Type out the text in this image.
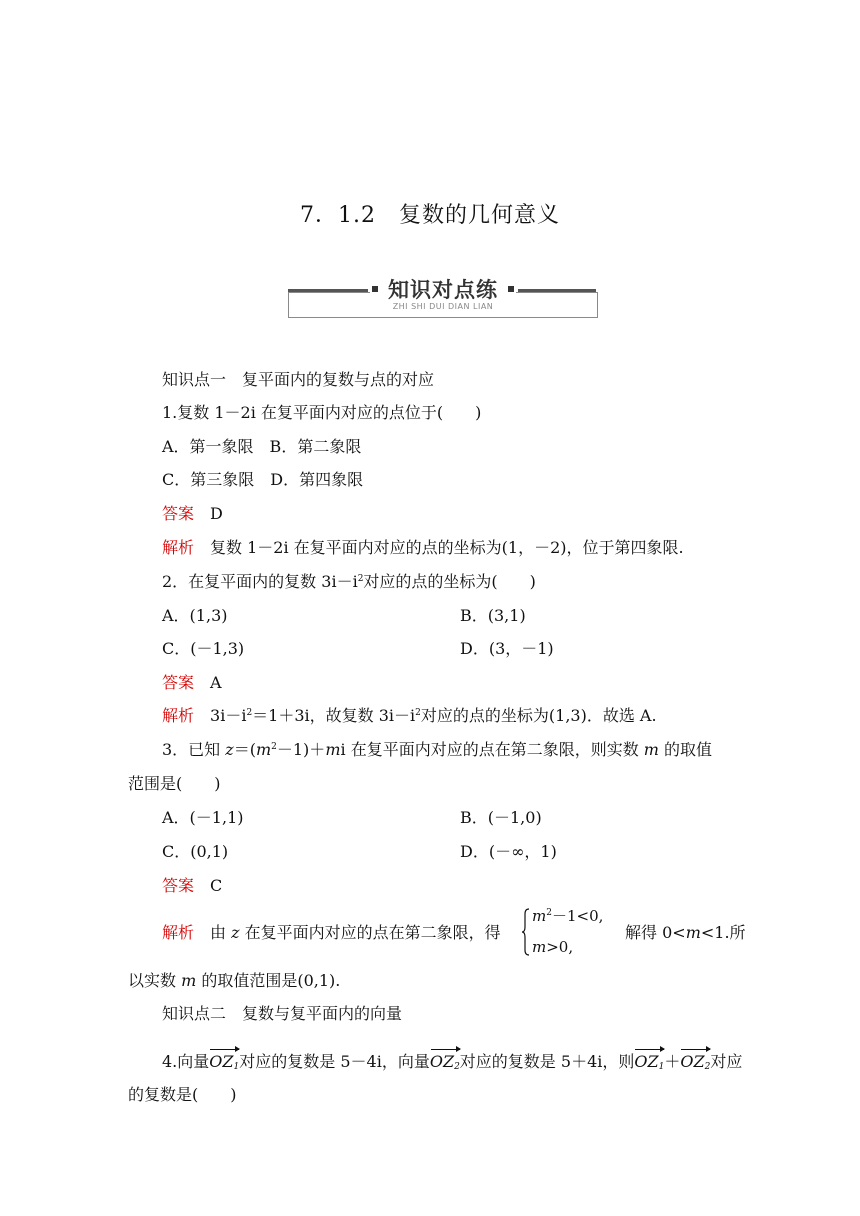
7．1.2　复数的几何意义
知识对点练
ZHI SHI DUI DIAN LIAN
知识点一　复平面内的复数与点的对应
1.复数 1－2i 在复平面内对应的点位于(　　)
A．第一象限　B．第二象限
C．第三象限　D．第四象限
答案 D
解析 复数 1－2i 在复平面内对应的点的坐标为(1，－2)，位于第四象限.
2．在复平面内的复数 $3i-i^2$对应的点的坐标为(　　)
A．(1,3)	B．(3,1)
C．(－1,3)	D．(3，－1)
答案 A
解析 $3i-i^2=1+3i$，故复数 $3i-i^2$对应的点的坐标为(1,3)．故选 A.
3．已知 $z=(m^2-1)+mi$ 在复平面内对应的点在第二象限，则实数 m 的取值
范围是(　　)
A．(－1,1)	B．(－1,0)
C．(0,1)	D．(－∞，1)
答案 C
解析 由 z 在复平面内对应的点在第二象限，得
$m^2-1<0$,
m>0,
解得 0<m<1.所
以实数 m 的取值范围是(0,1).
知识点二　复数与复平面内的向量
4.向量$OZ_1$对应的复数是 5－4i，向量$OZ_2$对应的复数是 5＋4i，则$OZ_1+OZ_2$对应
的复数是(　　)
